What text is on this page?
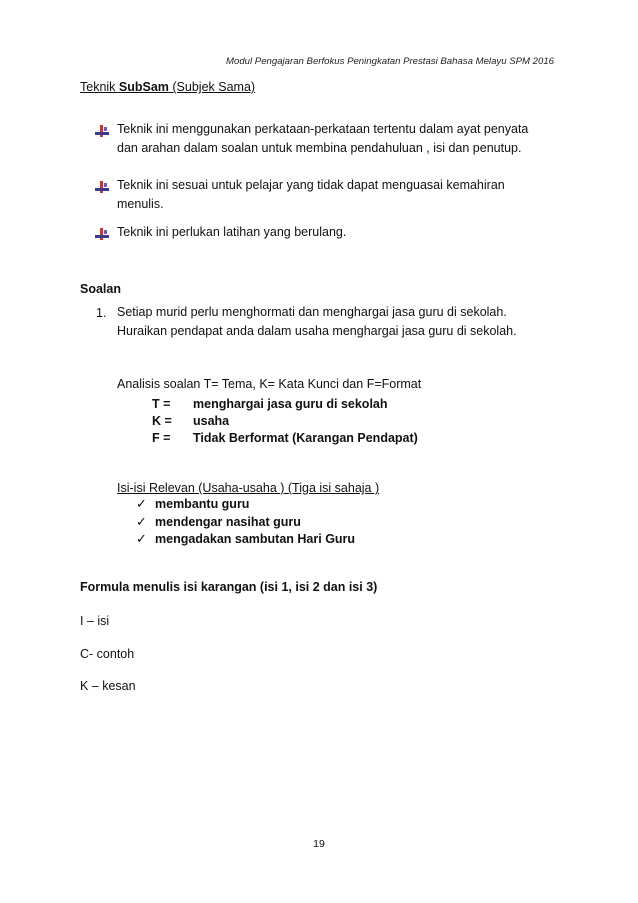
Modul Pengajaran Berfokus Peningkatan Prestasi Bahasa Melayu SPM 2016
Teknik SubSam (Subjek Sama)
Teknik ini menggunakan perkataan-perkataan tertentu dalam ayat penyata
dan arahan dalam soalan untuk membina pendahuluan , isi dan penutup.
Teknik ini sesuai untuk pelajar yang tidak dapat menguasai kemahiran
menulis.
Teknik ini perlukan latihan yang berulang.
Soalan
1. Setiap murid perlu menghormati dan menghargai jasa guru di sekolah.
Huraikan pendapat anda dalam usaha menghargai jasa guru di sekolah.
Analisis soalan T= Tema, K= Kata Kunci dan F=Format
T = menghargai jasa guru di sekolah
K = usaha
F = Tidak Berformat (Karangan Pendapat)
Isi-isi Relevan (Usaha-usaha ) (Tiga isi sahaja )
✓ membantu guru
✓ mendengar nasihat guru
✓ mengadakan sambutan Hari Guru
Formula menulis isi karangan (isi 1, isi 2 dan isi 3)
I – isi
C- contoh
K – kesan
19
